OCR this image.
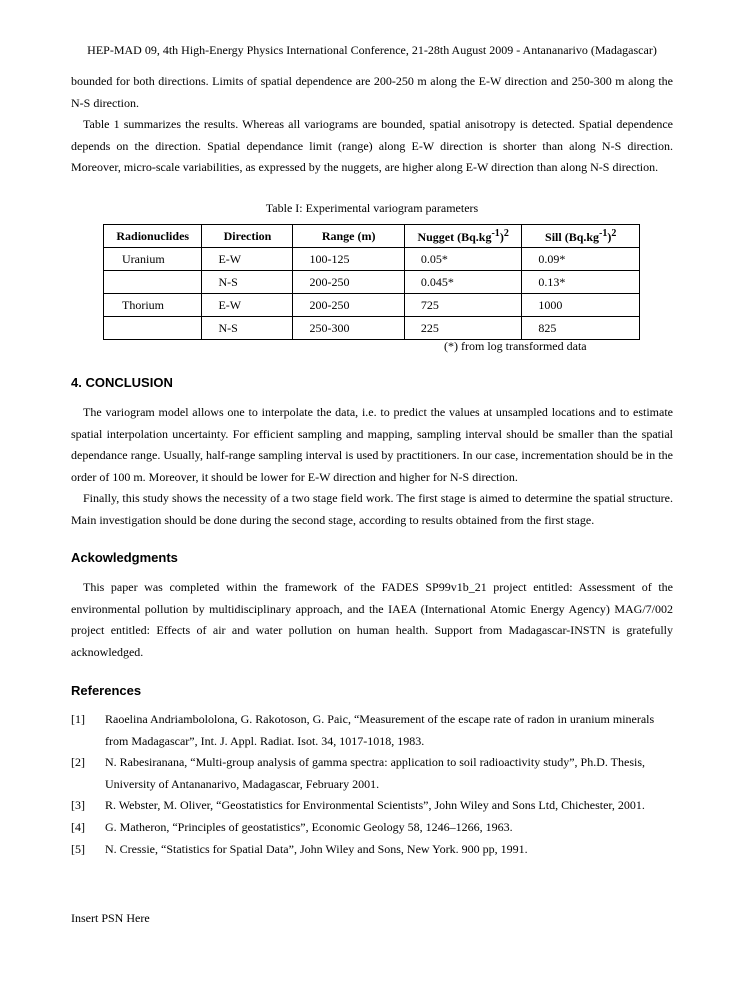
HEP-MAD 09, 4th High-Energy Physics International Conference, 21-28th August 2009 - Antananarivo (Madagascar)

bounded for both directions. Limits of spatial dependence are 200-250 m along the E-W direction and 250-300 m along the N-S direction.

Table 1 summarizes the results. Whereas all variograms are bounded, spatial anisotropy is detected. Spatial dependence depends on the direction. Spatial dependance limit (range) along E-W direction is shorter than along N-S direction. Moreover, micro-scale variabilities, as expressed by the nuggets, are higher along E-W direction than along N-S direction.

Table I: Experimental variogram parameters
Radionuclides	Direction	Range (m)	Nugget $(Bq.kg^{-1})^2$	Sill $(Bq.kg^{-1})^2$
Uranium	E-W	100-125	0.05*	0.09*
	N-S	200-250	0.045*	0.13*
Thorium	E-W	200-250	725	1000
	N-S	250-300	225	825
(*) from log transformed data
4. CONCLUSION

The variogram model allows one to interpolate the data, i.e. to predict the values at unsampled locations and to estimate spatial interpolation uncertainty. For efficient sampling and mapping, sampling interval should be smaller than the spatial dependance range. Usually, half-range sampling interval is used by practitioners. In our case, incrementation should be in the order of 100 m. Moreover, it should be lower for E-W direction and higher for N-S direction.

Finally, this study shows the necessity of a two stage field work. The first stage is aimed to determine the spatial structure. Main investigation should be done during the second stage, according to results obtained from the first stage.

Ackowledgments

This paper was completed within the framework of the FADES SP99v1b_21 project entitled: Assessment of the environmental pollution by multidisciplinary approach, and the IAEA (International Atomic Energy Agency) MAG/7/002 project entitled: Effects of air and water pollution on human health. Support from Madagascar-INSTN is gratefully acknowledged.

References
[1] Raoelina Andriambololona, G. Rakotoson, G. Paic, “Measurement of the escape rate of radon in uranium minerals from Madagascar”, Int. J. Appl. Radiat. Isot. 34, 1017-1018, 1983.
[2] N. Rabesiranana, “Multi-group analysis of gamma spectra: application to soil radioactivity study”, Ph.D. Thesis, University of Antananarivo, Madagascar, February 2001.
[3] R. Webster, M. Oliver, “Geostatistics for Environmental Scientists”, John Wiley and Sons Ltd, Chichester, 2001.
[4] G. Matheron, “Principles of geostatistics”, Economic Geology 58, 1246–1266, 1963.
[5] N. Cressie, “Statistics for Spatial Data”, John Wiley and Sons, New York. 900 pp, 1991.
Insert PSN Here
